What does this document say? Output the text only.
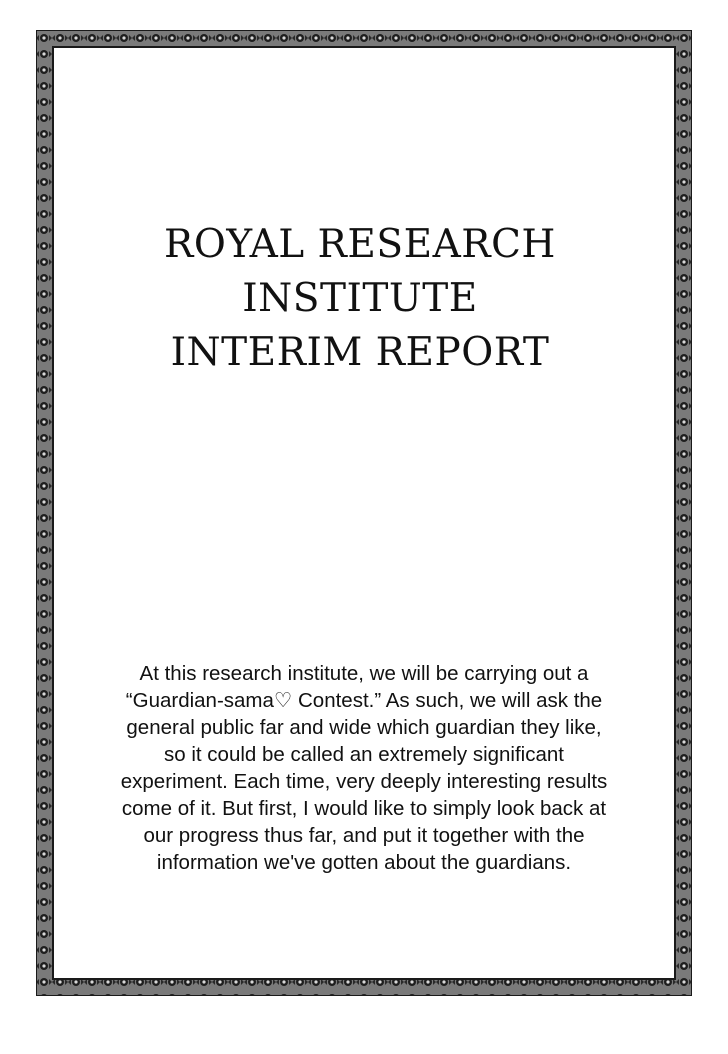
ROYAL RESEARCH
INSTITUTE
INTERIM REPORT
At this research institute, we will be carrying out a “Guardian-sama♡ Contest.” As such, we will ask the general public far and wide which guardian they like, so it could be called an extremely significant experiment. Each time, very deeply interesting results come of it. But first, I would like to simply look back at our progress thus far, and put it together with the information we've gotten about the guardians.
